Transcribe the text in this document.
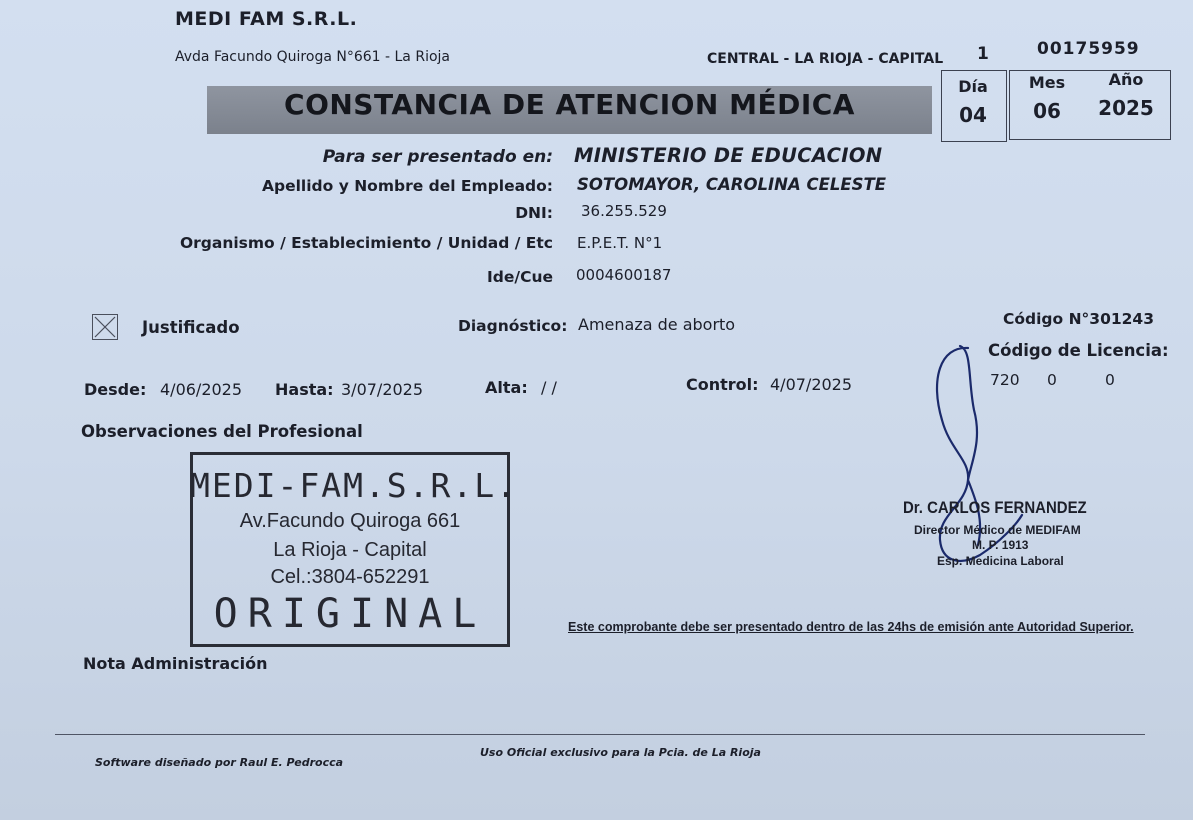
MEDI FAM S.R.L.
Avda Facundo Quiroga N°661 - La Rioja	CENTRAL - LA RIOJA - CAPITAL 1	00175959
CONSTANCIA DE ATENCION MÉDICA
Día	Mes	Año
04	06	2025
Para ser presentado en: MINISTERIO DE EDUCACION
Apellido y Nombre del Empleado: SOTOMAYOR, CAROLINA CELESTE
DNI: 36.255.529
Organismo / Establecimiento / Unidad / Etc E.P.E.T. N°1
Ide/Cue 0004600187
Justificado	Diagnóstico: Amenaza de aborto	Código N°301243
Código de Licencia:
720 0	0
Desde: 4/06/2025 Hasta: 3/07/2025	Alta: / /	Control: 4/07/2025
Observaciones del Profesional
MEDI-FAM.S.R.L.
Av.Facundo Quiroga 661
La Rioja - Capital
Cel.:3804-652291
ORIGINAL
Dr. CARLOS FERNANDEZ
Director Médico de MEDIFAM
M. P. 1913
Esp. Medicina Laboral
Este comprobante debe ser presentado dentro de las 24hs de emisión ante Autoridad Superior.
Nota Administración
Software diseñado por Raul E. Pedrocca
Uso Oficial exclusivo para la Pcia. de La Rioja
